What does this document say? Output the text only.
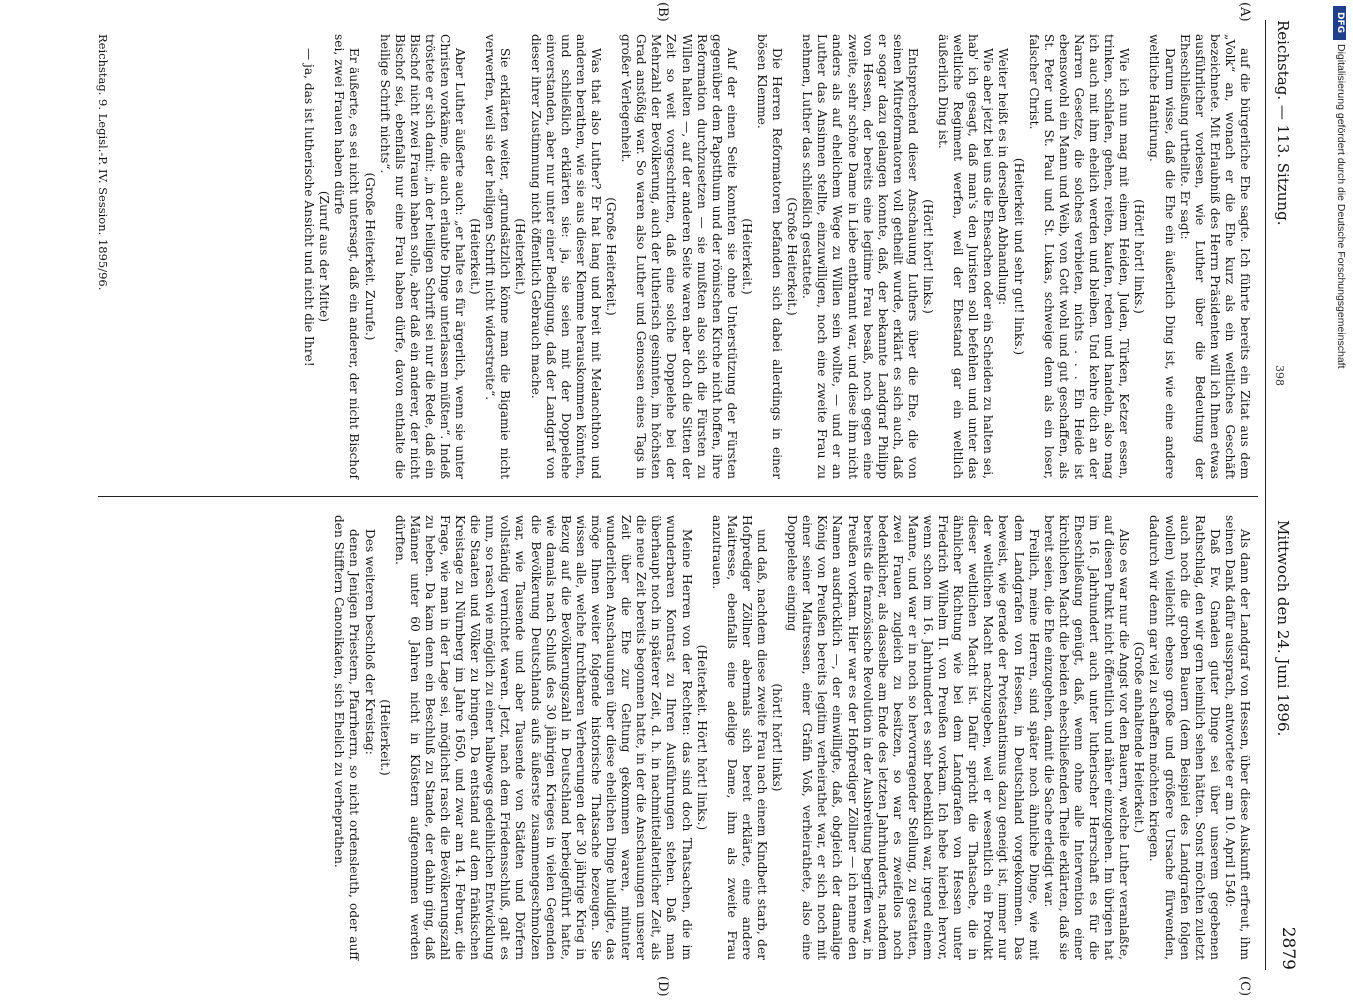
Reichstag. — 113. Sitzung.
Mittwoch den 24. Juni 1896.
2879
(A)
(B)
(C)
(D)

auf die bürgerliche Ehe sagte. Ich führte bereits ein Zitat aus dem „Volk“ an, wonach er die Ehe kurz als ein weltliches Geschäft bezeichnete. Mit Erlaubniß des Herrn Präsidenten will ich Ihnen etwas ausführlicher vorlesen, wie Luther über die Bedeutung der Eheschließung urtheilte. Er sagt:

Darum wisse, daß die Ehe ein äußerlich Ding ist, wie eine andere weltliche Hantirung.

(Hört! hört! links.)

Wie ich nun mag mit einem Heiden, Juden, Türken, Ketzer essen, trinken, schlafen, gehen, reiten, kaufen, reden und handeln, also mag ich auch mit ihm ehelich werden und bleiben. Und kehre dich an der Narren Gesetze, die solches verbieten, nichts . . . Ein Heide ist ebensowohl ein Mann und Weib, von Gott wohl und gut geschaffen, als St. Peter und St. Paul und St. Lukas, schweige denn als ein loser, falscher Christ.

(Heiterkeit und sehr gut! links.)

Weiter heißt es in derselben Abhandlung:

Wie aber jetzt bei uns die Ehesachen oder ein Scheiden zu halten sei, hab' ich gesagt, daß man's den Juristen soll befehlen und unter das weltliche Regiment werfen, weil der Ehestand gar ein weltlich äußerlich Ding ist.

(Hört! hört! links.)

Entsprechend dieser Anschauung Luthers über die Ehe, die von seinen Mitreformatoren voll getheilt wurde, erklärt es sich auch, daß er sogar dazu gelangen konnte, daß, der bekannte Landgraf Philipp von Hessen, der bereits eine legitime Frau besaß, noch gegen eine zweite, sehr schöne Dame in Liebe entbrannt war, und diese ihm nicht anders als auf ehelichem Wege zu Willen sein wollte, — und er an Luther das Ansinnen stellte, einzuwilligen, noch eine zweite Frau zu nehmen, Luther das schließlich gestattete.

(Große Heiterkeit.)

Die Herren Reformatoren befanden sich dabei allerdings in einer bösen Klemme.

(Heiterkeit.)

Auf der einen Seite konnten sie ohne Unterstützung der Fürsten gegenüber dem Papstthum und der römischen Kirche nicht hoffen, ihre Reformation durchzusetzen — sie mußten also sich die Fürsten zu Willen halten —, auf der anderen Seite waren aber doch die Sitten der Zeit so weit vorgeschritten, daß eine solche Doppelehe bei der Mehrzahl der Bevölkerung, auch der lutherisch gesinnten, im höchsten Grad anstößig war. So waren also Luther und Genossen eines Tags in großer Verlegenheit.

(Große Heiterkeit.)

Was that also Luther? Er hat lang und breit mit Melanchthon und anderen berathen, wie sie aus dieser Klemme herauskommen könnten, und schließlich erklärten sie: ja, sie seien mit der Doppelehe einverstanden, aber nur unter einer Bedingung, daß der Landgraf von dieser ihrer Zustimmung nicht öffentlich Gebrauch mache.

(Heiterkeit.)

Sie erklärten weiter, „grundsätzlich könne man die Bigamie nicht verwerfen, weil sie der heiligen Schrift nicht widerstreite“.

(Heiterkeit.)

Aber Luther äußerte auch: „er halte es für ärgerlich, wenn sie unter Christen vorkäme, die auch erlaubte Dinge unterlassen müßten“. Indeß tröstete er sich damit: „in der heiligen Schrift sei nur die Rede, daß ein Bischof nicht zwei Frauen haben solle, aber daß ein anderer, der nicht Bischof sei, ebenfalls nur eine Frau haben dürfe, davon enthalte die heilige Schrift nichts“.

(Große Heiterkeit. Zurufe.)

Er äußerte, es sei nicht untersagt, daß ein anderer, der nicht Bischof sei, zwei Frauen haben dürfe

(Zuruf aus der Mitte)

— ja, das ist lutherische Ansicht und nicht die Ihre!

Als dann der Landgraf von Hessen, über diese Auskunft erfreut, ihm seinen Dank dafür aussprach, antwortete er am 10. April 1540:

Daß Ew. Gnaden guter Dinge sei über unserem gegebenen Rathschlag, den wir gern heimlich sehen hätten. Sonst möchten zuletzt auch noch die groben Bauern (dem Beispiel des Landgrafen folgen wollen) vielleicht ebenso große und größere Ursache fürwenden, dadurch wir denn gar viel zu schaffen möchten kriegen.

(Große anhaltende Heiterkeit.)

Also es war nur die Angst vor den Bauern, welche Luther veranlaßte, auf diesen Punkt nicht öffentlich und näher einzugehen. Im übrigen hat im 16. Jahrhundert auch unter lutherischer Herrschaft es für die Eheschließung genügt, daß, wenn ohne alle Intervention einer kirchlichen Macht die beiden eheschließenden Theile erklärten, daß sie bereit seien, die Ehe einzugehen, damit die Sache erledigt war.

Freilich, meine Herren, sind später noch ähnliche Dinge, wie mit dem Landgrafen von Hessen, in Deutschland vorgekommen. Das beweist, wie gerade der Protestantismus dazu geneigt ist, immer nur der weltlichen Macht nachzugeben, weil er wesentlich ein Produkt dieser weltlichen Macht ist. Dafür spricht die Thatsache, die in ähnlicher Richtung wie bei dem Landgrafen von Hessen unter Friedrich Wilhelm II. von Preußen vorkam. Ich hebe hierbei hervor, wenn schon im 16. Jahrhundert es sehr bedenklich war, irgend einem Manne, und war er in noch so hervorragender Stellung, zu gestatten, zwei Frauen zugleich zu besitzen, so war es zweifellos noch bedenklicher, als dasselbe am Ende des letzten Jahrhunderts, nachdem bereits die französische Revolution in der Ausbreitung begriffen war, in Preußen vorkam. Hier war es der Hofprediger Zöllner — ich nenne den Namen ausdrücklich —, der einwilligte, daß, obgleich der damalige König von Preußen bereits legitim verheirathet war, er sich noch mit einer seiner Maitressen, einer Gräfin Voß, verheirathete, also eine Doppelehe einging

(hört! hört! links)

und daß, nachdem diese zweite Frau nach einem Kindbett starb, der Hofprediger Zöllner abermals sich bereit erklärte, eine andere Maitresse, ebenfalls eine adelige Dame, ihm als zweite Frau anzutrauen.

(Heiterkeit. Hört! hört! links.)

Meine Herren von der Rechten: das sind doch Thatsachen, die im wunderbaren Kontrast zu Ihren Ausführungen stehen. Daß man überhaupt noch in späterer Zeit, d. h. in nachmittelalterlicher Zeit, als die neue Zeit bereits begonnen hatte, in der die Anschauungen unserer Zeit über die Ehe zur Geltung gekommen waren, mitunter wunderlichen Anschauungen über diese ehelichen Dinge huldigte, das möge Ihnen weiter folgende historische Thatsache bezeugen. Sie wissen alle, welche furchtbaren Verheerungen der 30 jährige Krieg in Bezug auf die Bevölkerungszahl in Deutschland herbeigeführt hatte, wie damals nach Schluß des 30 jährigen Krieges in vielen Gegenden die Bevölkerung Deutschlands aufs äußerste zusammengeschmolzen war, wie Tausende und aber Tausende von Städten und Dörfern vollständig vernichtet waren. Jetzt, nach dem Friedensschluß, galt es nun, so rasch wie möglich zu einer halbwegs gedeihlichen Entwicklung die Staaten und Völker zu bringen. Da entstand auf dem fränkischen Kreistage zu Nürnberg im Jahre 1650, und zwar am 14. Februar, die Frage, wie man in der Lage sei, möglichst rasch die Bevölkerungszahl zu heben. Da kam denn ein Beschluß zu Stande, der dahin ging, daß Männer unter 60 Jahren nicht in Klöstern aufgenommen werden dürften.

(Heiterkeit.)

Des weiteren beschloß der Kreistag:

denen Jenigen Priestern, Pfarrherrn, so nicht ordensleuth, oder auff den Stifftern Canonikaten, sich Ehelich zu verheprathen.

Reichstag. 9. Legisl.-P. IV. Session. 1895/96.
398
DFG
Digitalisierung gefördert durch die Deutsche Forschungsgemeinschaft
